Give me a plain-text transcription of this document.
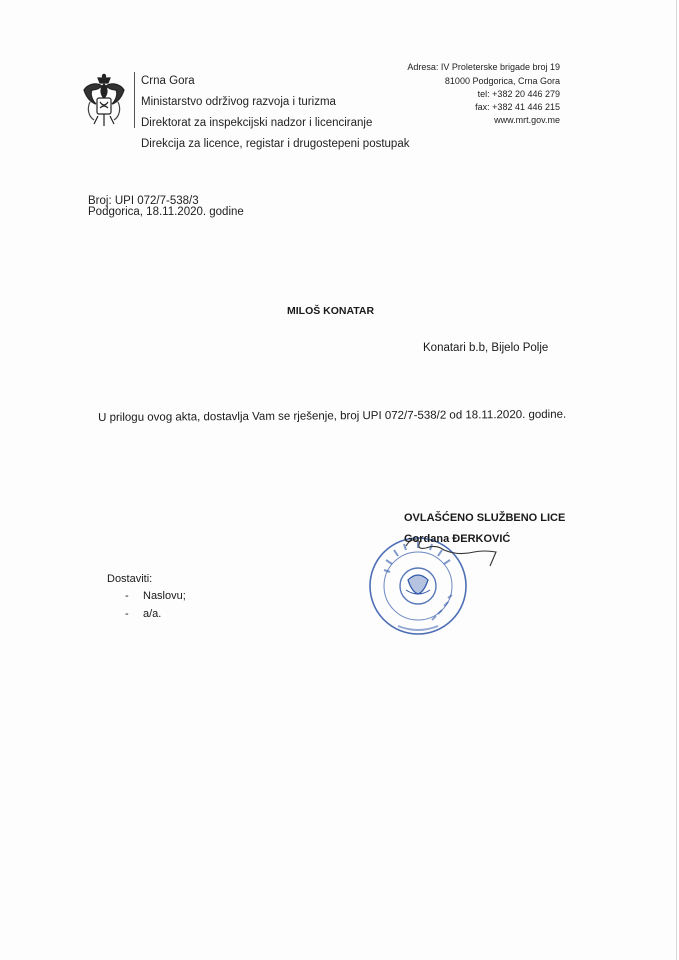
Crna Gora
Ministarstvo održivog razvoja i turizma
Direktorat za inspekcijski nadzor i licenciranje
Direkcija za licence, registar i drugostepeni postupak
Adresa: IV Proleterske brigade broj 19
81000 Podgorica, Crna Gora
tel: +382 20 446 279
fax: +382 41 446 215
www.mrt.gov.me
Broj: UPI 072/7-538/3
Podgorica, 18.11.2020. godine
MILOŠ KONATAR
Konatari b.b, Bijelo Polje
U prilogu ovog akta, dostavlja Vam se rješenje, broj UPI 072/7-538/2 od 18.11.2020. godine.
OVLAŠĆENO SLUŽBENO LICE
Gordana ĐERKOVIĆ
Dostaviti:
- Naslovu;
- a/a.
